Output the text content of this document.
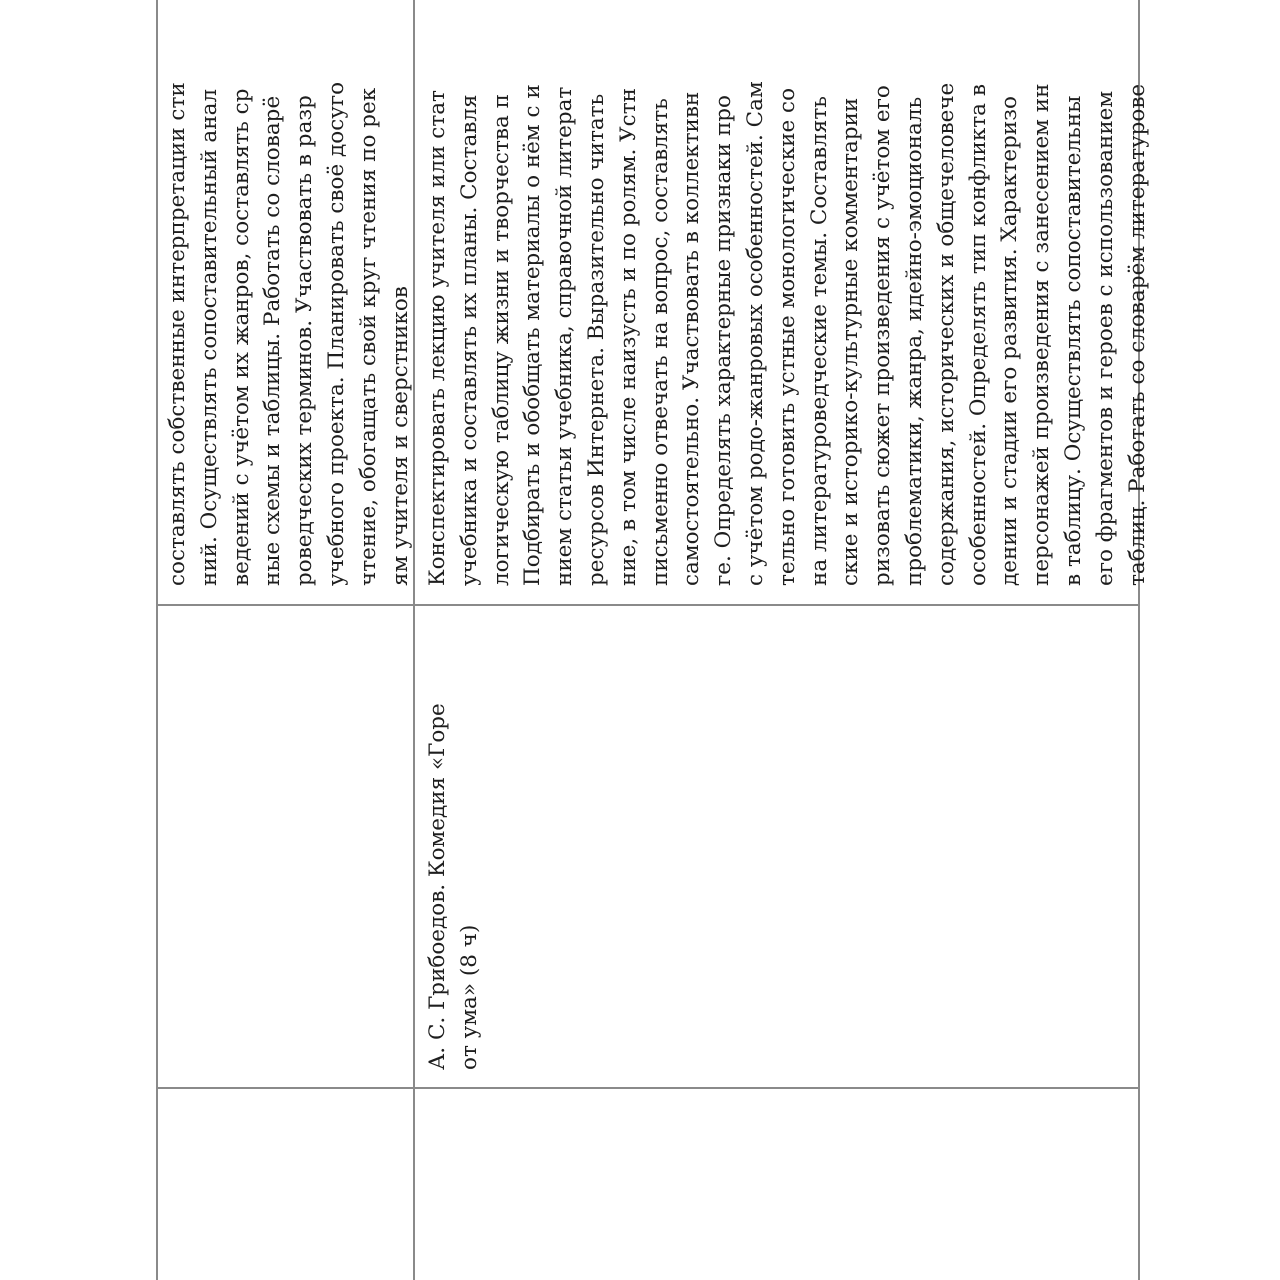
составлять собственные интерпретации сти
ний. Осуществлять сопоставительный анал
ведений с учётом их жанров, составлять ср
ные схемы и таблицы. Работать со словарё
роведческих терминов. Участвовать в разр
учебного проекта. Планировать своё досуго
чтение, обогащать свой круг чтения по рек
ям учителя и сверстников

А. С. Грибоедов. Комедия «Горе
от ума» (8 ч)

Конспектировать лекцию учителя или стат
учебника и составлять их планы. Составля
логическую таблицу жизни и творчества п
Подбирать и обобщать материалы о нём с и
нием статьи учебника, справочной литерат
ресурсов Интернета. Выразительно читать
ние, в том числе наизусть и по ролям. Устн
письменно отвечать на вопрос, составлять
самостоятельно. Участвовать в коллективн
ге. Определять характерные признаки про
с учётом родо-жанровых особенностей. Сам
тельно готовить устные монологические со
на литературоведческие темы. Составлять
ские и историко-культурные комментарии
ризовать сюжет произведения с учётом его
проблематики, жанра, идейно-эмоциональ
содержания, исторических и общечеловече
особенностей. Определять тип конфликта в
дении и стадии его развития. Характеризо
персонажей произведения с занесением ин
в таблицу. Осуществлять сопоставительны
его фрагментов и героев с использованием
таблиц. Работать со словарём литературове
